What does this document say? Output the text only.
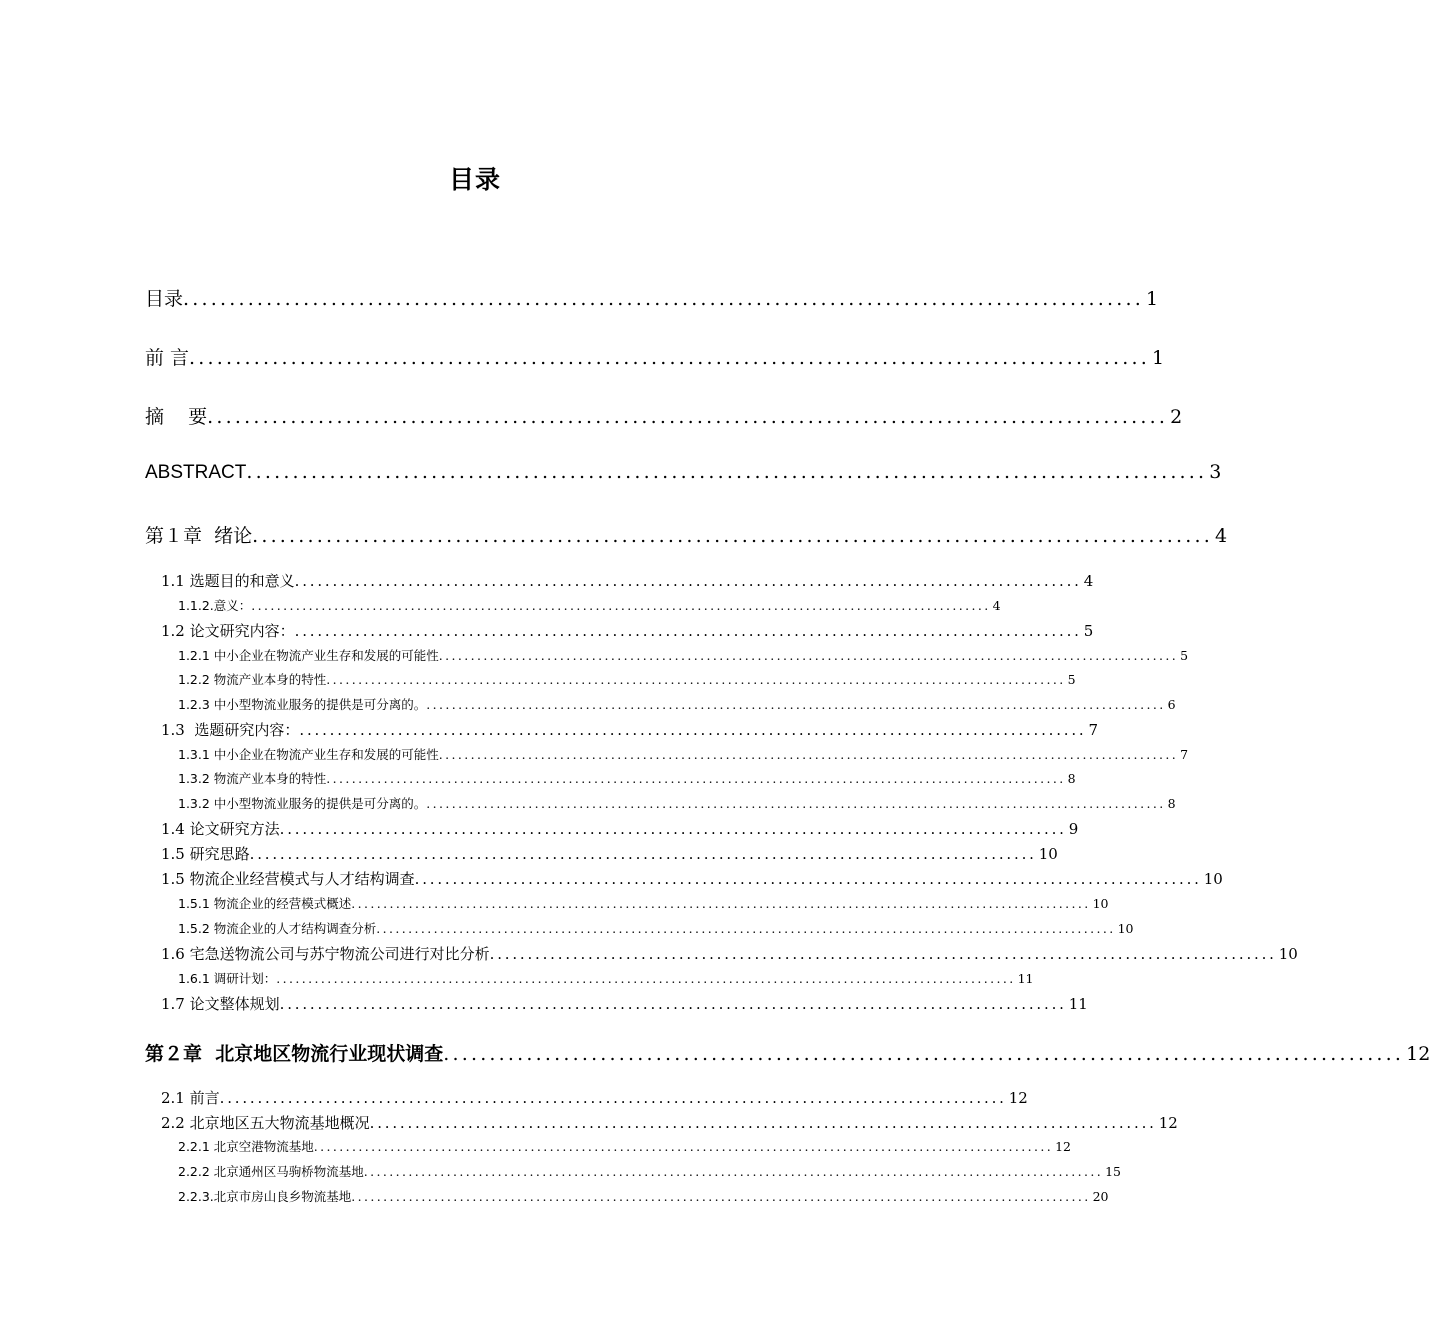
目录
目录 ........................................................................................................ 1
前 言 ........................................................................................................ 1
摘    要 ........................................................................................................ 2
ABSTRACT ........................................................................................................ 3
第１章  绪论 ........................................................................................................ 4
1.1 选题目的和意义 ........................................................................................................ 4
1.1.2.意义： .................................................................................................................... 4
1.2 论文研究内容： ........................................................................................................ 5
1.2.1 中小企业在物流产业生存和发展的可能性 .................................................................................................................... 5
1.2.2 物流产业本身的特性 .................................................................................................................... 5
1.2.3 中小型物流业服务的提供是可分离的。 .................................................................................................................... 6
1.3  选题研究内容： ........................................................................................................ 7
1.3.1 中小企业在物流产业生存和发展的可能性 .................................................................................................................... 7
1.3.2 物流产业本身的特性 .................................................................................................................... 8
1.3.2 中小型物流业服务的提供是可分离的。 .................................................................................................................... 8
1.4 论文研究方法 ........................................................................................................ 9
1.5 研究思路 ........................................................................................................ 10
1.5 物流企业经营模式与人才结构调查 ........................................................................................................ 10
1.5.1 物流企业的经营模式概述 .................................................................................................................... 10
1.5.2 物流企业的人才结构调查分析 .................................................................................................................... 10
1.6 宅急送物流公司与苏宁物流公司进行对比分析 ........................................................................................................ 10
1.6.1 调研计划： .................................................................................................................... 11
1.7 论文整体规划 ........................................................................................................ 11
第２章  北京地区物流行业现状调查 ........................................................................................................ 12
2.1 前言 ........................................................................................................ 12
2.2 北京地区五大物流基地概况 ........................................................................................................ 12
2.2.1 北京空港物流基地 .................................................................................................................... 12
2.2.2 北京通州区马驹桥物流基地 .................................................................................................................... 15
2.2.3.北京市房山良乡物流基地 .................................................................................................................... 20
